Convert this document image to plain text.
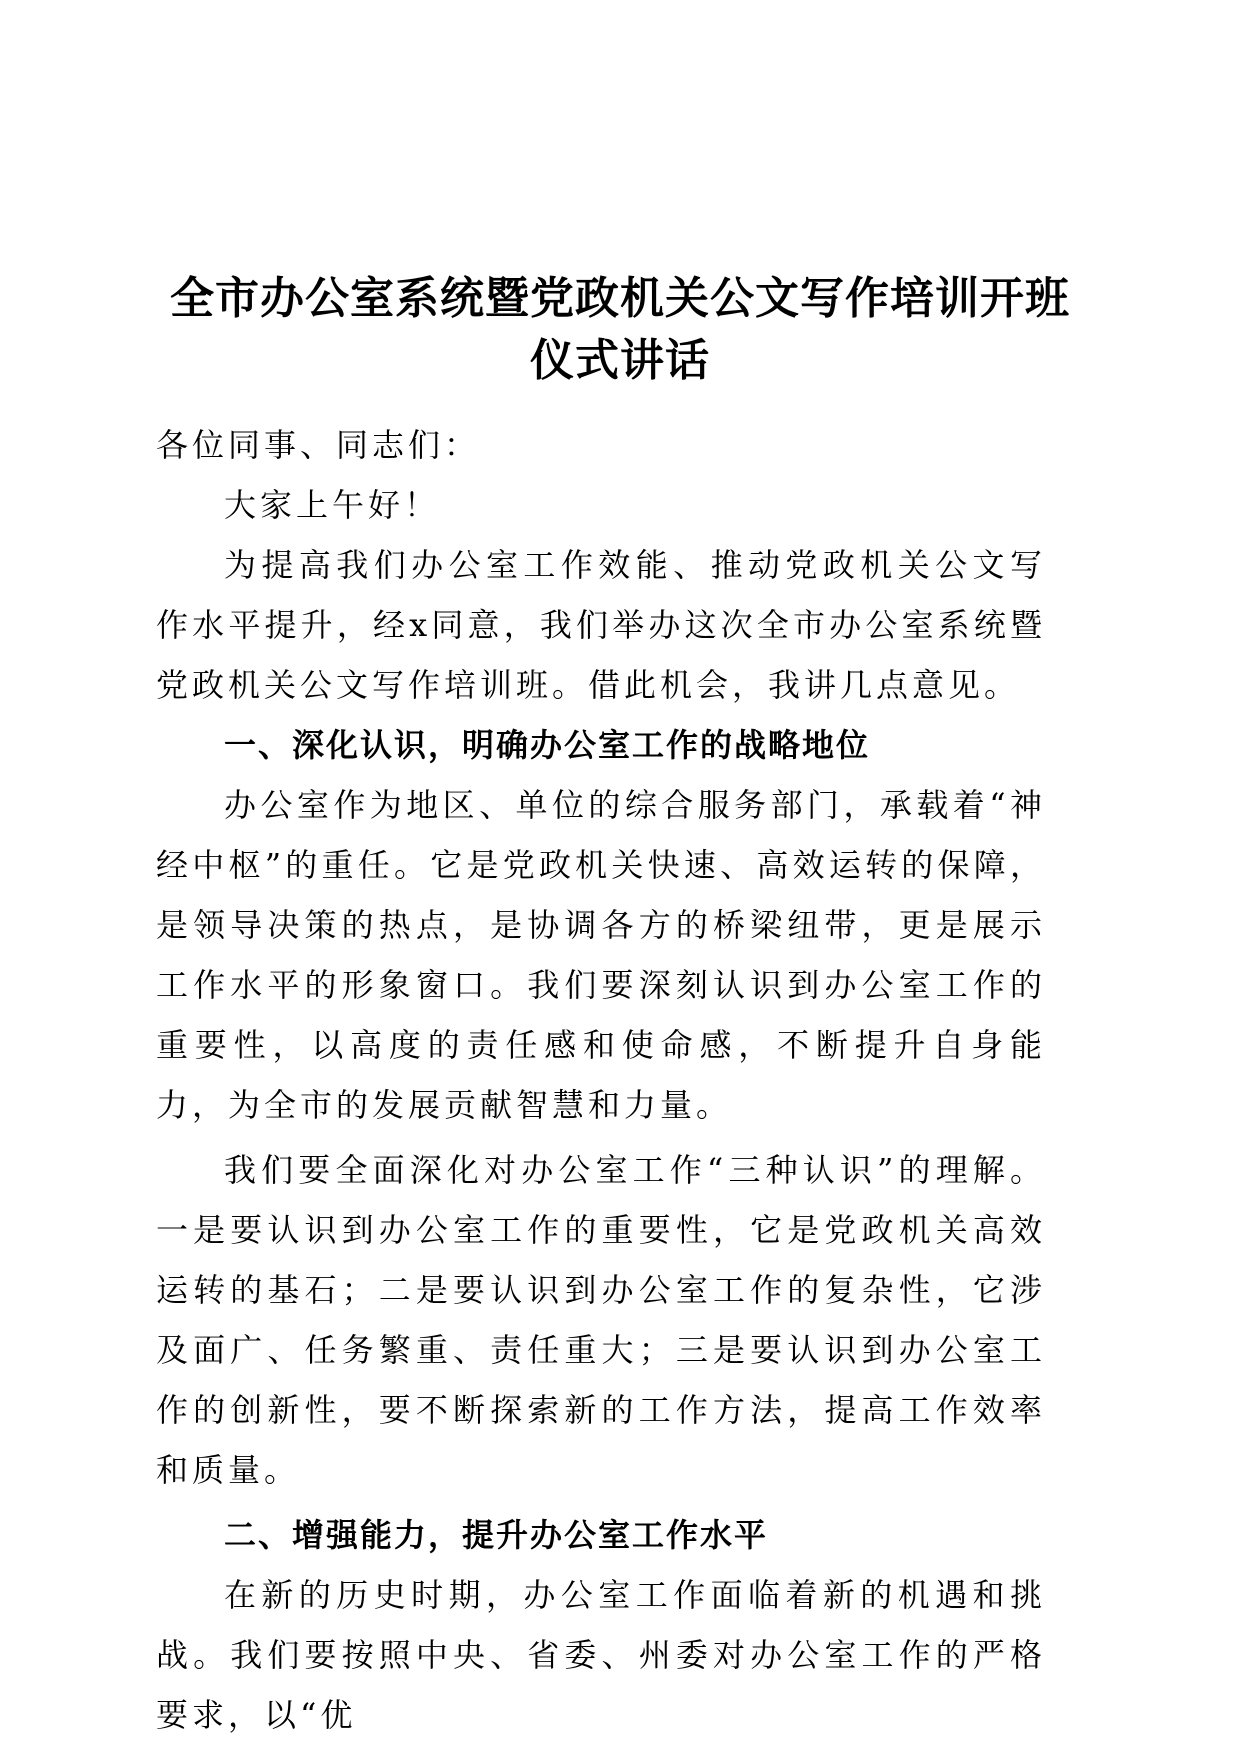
全市办公室系统暨党政机关公文写作培训开班
仪式讲话

各位同事、同志们：

大家上午好！

为提高我们办公室工作效能、推动党政机关公文写作水平提升，经x同意，我们举办这次全市办公室系统暨党政机关公文写作培训班。借此机会，我讲几点意见。

一、深化认识，明确办公室工作的战略地位

办公室作为地区、单位的综合服务部门，承载着“神经中枢”的重任。它是党政机关快速、高效运转的保障，是领导决策的热点，是协调各方的桥梁纽带，更是展示工作水平的形象窗口。我们要深刻认识到办公室工作的重要性，以高度的责任感和使命感，不断提升自身能力，为全市的发展贡献智慧和力量。

我们要全面深化对办公室工作“三种认识”的理解。一是要认识到办公室工作的重要性，它是党政机关高效运转的基石；二是要认识到办公室工作的复杂性，它涉及面广、任务繁重、责任重大；三是要认识到办公室工作的创新性，要不断探索新的工作方法，提高工作效率和质量。

二、增强能力，提升办公室工作水平

在新的历史时期，办公室工作面临着新的机遇和挑战。我们要按照中央、省委、州委对办公室工作的严格要求，以“优
